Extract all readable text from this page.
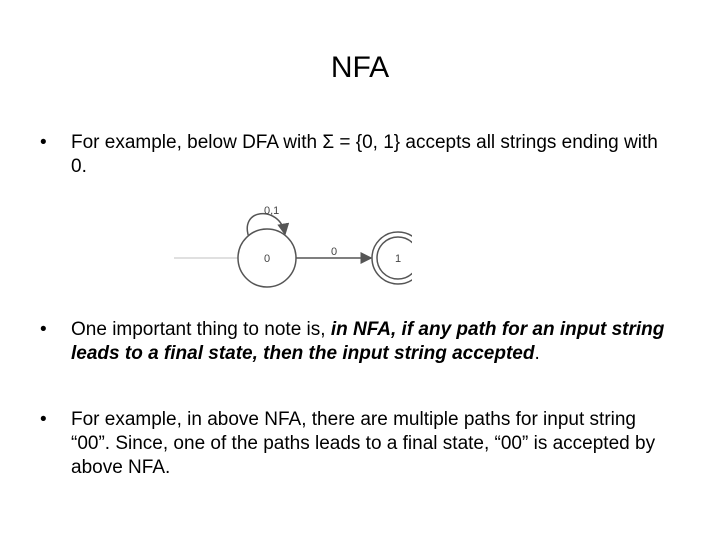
NFA
• For example, below DFA with Σ = {0, 1} accepts all strings ending with 0.
0,1
0
0
1
• One important thing to note is, in NFA, if any path for an input string leads to a final state, then the input string accepted.
• For example, in above NFA, there are multiple paths for input string “00”. Since, one of the paths leads to a final state, “00” is accepted by above NFA.
